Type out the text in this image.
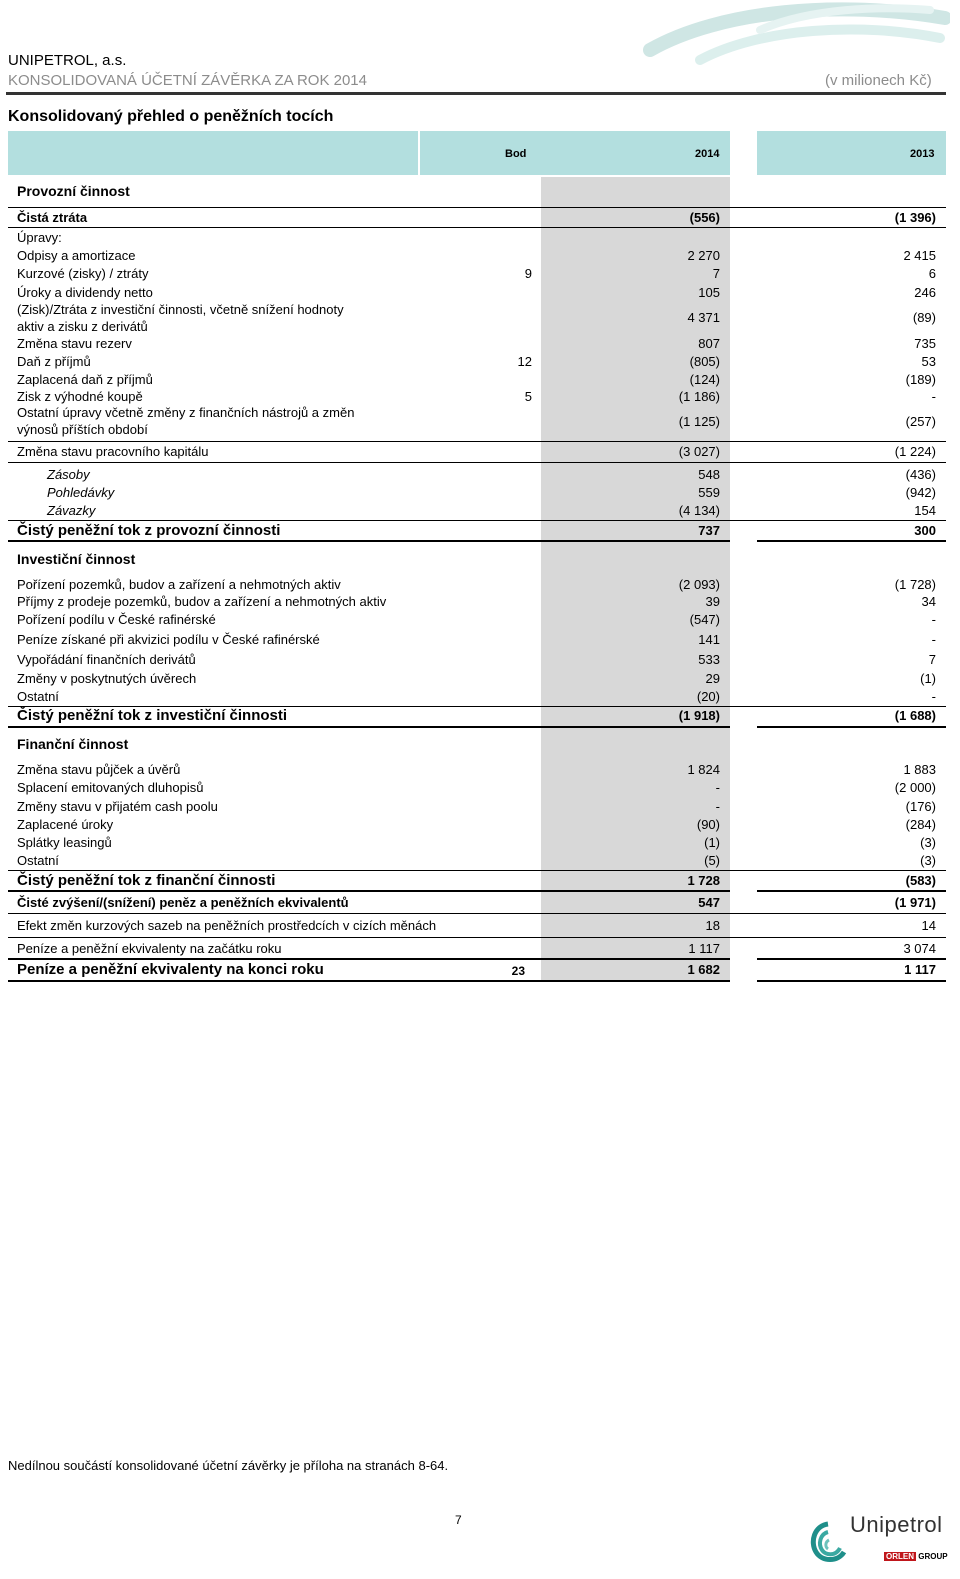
UNIPETROL, a.s.
KONSOLIDOVANÁ ÚČETNÍ ZÁVĚRKA ZA ROK 2014	(v milionech Kč)
Konsolidovaný přehled o peněžních tocích
Bod	2014	2013
Provozní činnost
Čistá ztráta	(556)	(1 396)
Úpravy:
Odpisy a amortizace	2 270	2 415
Kurzové (zisky) / ztráty	9	7	6
Úroky a dividendy netto	105	246
(Zisk)/Ztráta z investiční činnosti, včetně snížení hodnoty
aktiv a zisku z derivátů
4 371	(89)
Změna stavu rezerv	807	735
Daň z příjmů	12	(805)	53
Zaplacená daň z příjmů	(124)	(189)
Zisk z výhodné koupě	5	(1 186)	-
Ostatní úpravy včetně změny z finančních nástrojů a změn
výnosů příštích období
(1 125)	(257)
Změna stavu pracovního kapitálu	(3 027)	(1 224)
Zásoby	548	(436)
Pohledávky	559	(942)
Závazky	(4 134)	154
Čistý peněžní tok z provozní činnosti	737	300
Investiční činnost
Pořízení pozemků, budov a zařízení a nehmotných aktiv	(2 093)	(1 728)
Příjmy z prodeje pozemků, budov a zařízení a nehmotných aktiv	39	34
Pořízení podílu v České rafinérské	(547)	-
Peníze získané při akvizici podílu v České rafinérské	141	-
Vypořádání finančních derivátů	533	7
Změny v poskytnutých úvěrech	29	(1)
Ostatní	(20)	-
Čistý peněžní tok z investiční činnosti	(1 918)	(1 688)
Finanční činnost
Změna stavu půjček a úvěrů	1 824	1 883
Splacení emitovaných dluhopisů	-	(2 000)
Změny stavu v přijatém cash poolu	-	(176)
Zaplacené úroky	(90)	(284)
Splátky leasingů	(1)	(3)
Ostatní	(5)	(3)
Čistý peněžní tok z finanční činnosti	1 728	(583)
Čisté zvýšení/(snížení) peněz a peněžních ekvivalentů	547	(1 971)
Efekt změn kurzových sazeb na peněžních prostředcích v cizích měnách	18	14
Peníze a peněžní ekvivalenty na začátku roku	1 117	3 074
Peníze a peněžní ekvivalenty na konci roku	23	1 682	1 117
Nedílnou součástí konsolidované účetní závěrky je příloha na stranách 8-64.
7	Unipetrol
ORLEN GROUP
